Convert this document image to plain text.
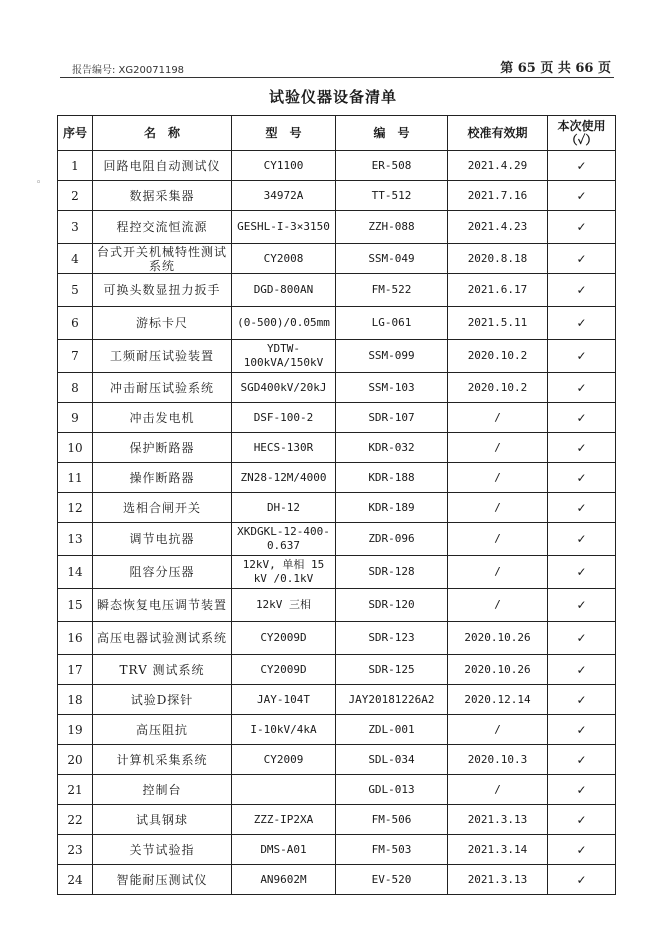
报告编号: XG20071198	第 65 页 共 66 页
◦
试验仪器设备清单
序号	名　称	型　号	编　号	校准有效期	本次使用（✓）
1	回路电阻自动测试仪	CY1100	ER-508	2021.4.29	✓
2	数据采集器	34972A	TT-512	2021.7.16	✓
3	程控交流恒流源	GESHL-I-3×3150	ZZH-088	2021.4.23	✓
4	台式开关机械特性测试系统	CY2008	SSM-049	2020.8.18	✓
5	可换头数显扭力扳手	DGD-800AN	FM-522	2021.6.17	✓
6	游标卡尺	(0-500)/0.05mm	LG-061	2021.5.11	✓
7	工频耐压试验装置	YDTW-100kVA/150kV	SSM-099	2020.10.2	✓
8	冲击耐压试验系统	SGD400kV/20kJ	SSM-103	2020.10.2	✓
9	冲击发电机	DSF-100-2	SDR-107	/	✓
10	保护断路器	HECS-130R	KDR-032	/	✓
11	操作断路器	ZN28-12M/4000	KDR-188	/	✓
12	选相合闸开关	DH-12	KDR-189	/	✓
13	调节电抗器	XKDGKL-12-400-0.637	ZDR-096	/	✓
14	阻容分压器	12kV, 单相 15 kV /0.1kV	SDR-128	/	✓
15	瞬态恢复电压调节装置	12kV 三相	SDR-120	/	✓
16	高压电器试验测试系统	CY2009D	SDR-123	2020.10.26	✓
17	TRV 测试系统	CY2009D	SDR-125	2020.10.26	✓
18	试验D探针	JAY-104T	JAY20181226A2	2020.12.14	✓
19	高压阻抗	I-10kV/4kA	ZDL-001	/	✓
20	计算机采集系统	CY2009	SDL-034	2020.10.3	✓
21	控制台		GDL-013	/	✓
22	试具钢球	ZZZ-IP2XA	FM-506	2021.3.13	✓
23	关节试验指	DMS-A01	FM-503	2021.3.14	✓
24	智能耐压测试仪	AN9602M	EV-520	2021.3.13	✓
